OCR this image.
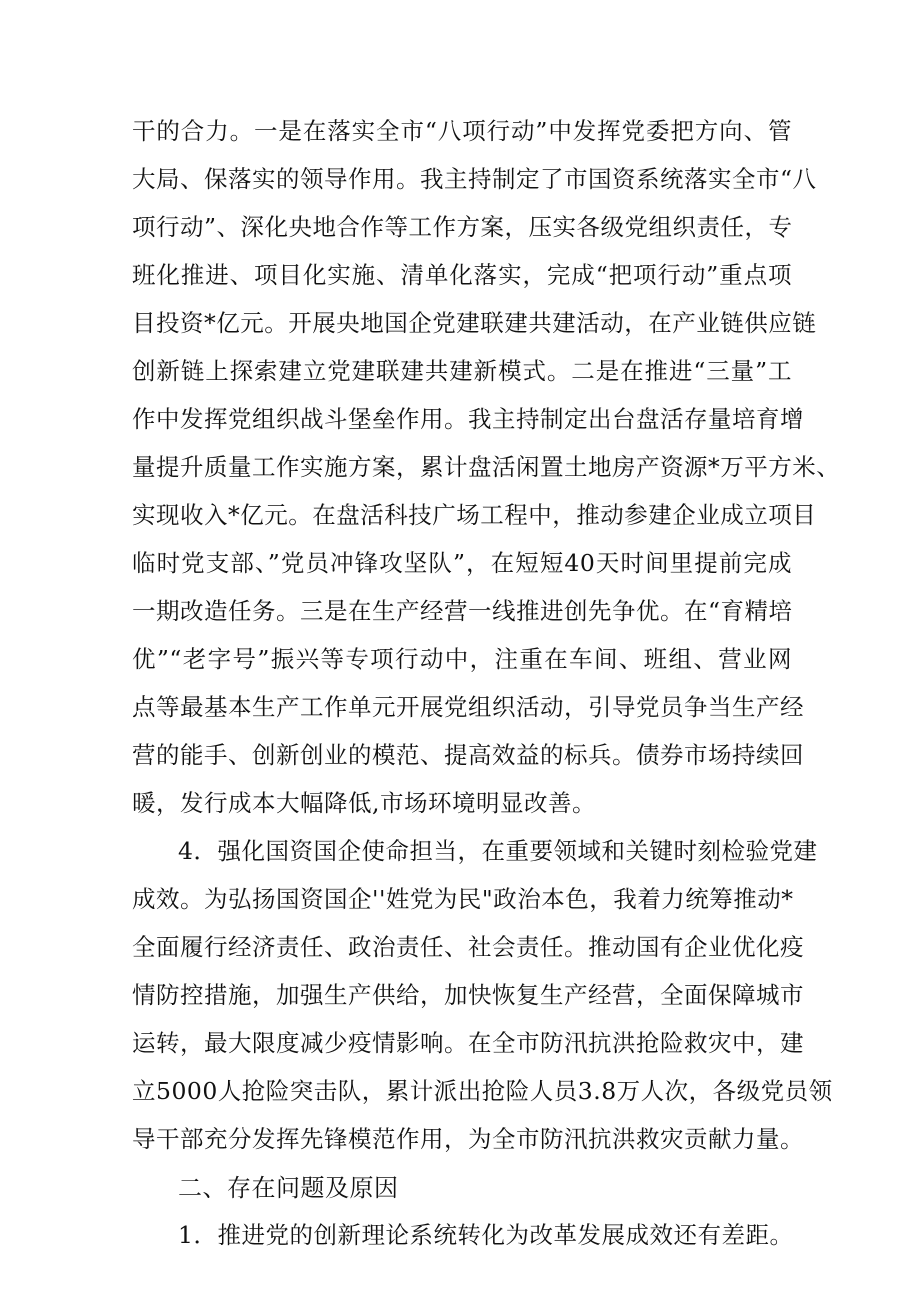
干的合力。一是在落实全市“八项行动”中发挥党委把方向、管
大局、保落实的领导作用。我主持制定了市国资系统落实全市“八
项行动”、深化央地合作等工作方案，压实各级党组织责任，专
班化推进、项目化实施、清单化落实，完成“把项行动”重点项
目投资*亿元。开展央地国企党建联建共建活动，在产业链供应链
创新链上探索建立党建联建共建新模式。二是在推进“三量”工
作中发挥党组织战斗堡垒作用。我主持制定出台盘活存量培育增
量提升质量工作实施方案，累计盘活闲置土地房产资源*万平方米、
实现收入*亿元。在盘活科技广场工程中，推动参建企业成立项目
临时党支部、”党员冲锋攻坚队”，在短短40天时间里提前完成
一期改造任务。三是在生产经营一线推进创先争优。在“育精培
优”“老字号”振兴等专项行动中，注重在车间、班组、营业网
点等最基本生产工作单元开展党组织活动，引导党员争当生产经
营的能手、创新创业的模范、提高效益的标兵。债券市场持续回
暖，发行成本大幅降低,市场环境明显改善。
4．强化国资国企使命担当，在重要领域和关键时刻检验党建
成效。为弘扬国资国企''姓党为民"政治本色，我着力统筹推动*
全面履行经济责任、政治责任、社会责任。推动国有企业优化疫
情防控措施，加强生产供给，加快恢复生产经营，全面保障城市
运转，最大限度减少疫情影响。在全市防汛抗洪抢险救灾中，建
立5000人抢险突击队，累计派出抢险人员3.8万人次，各级党员领
导干部充分发挥先锋模范作用，为全市防汛抗洪救灾贡献力量。
二、存在问题及原因
1．推进党的创新理论系统转化为改革发展成效还有差距。
